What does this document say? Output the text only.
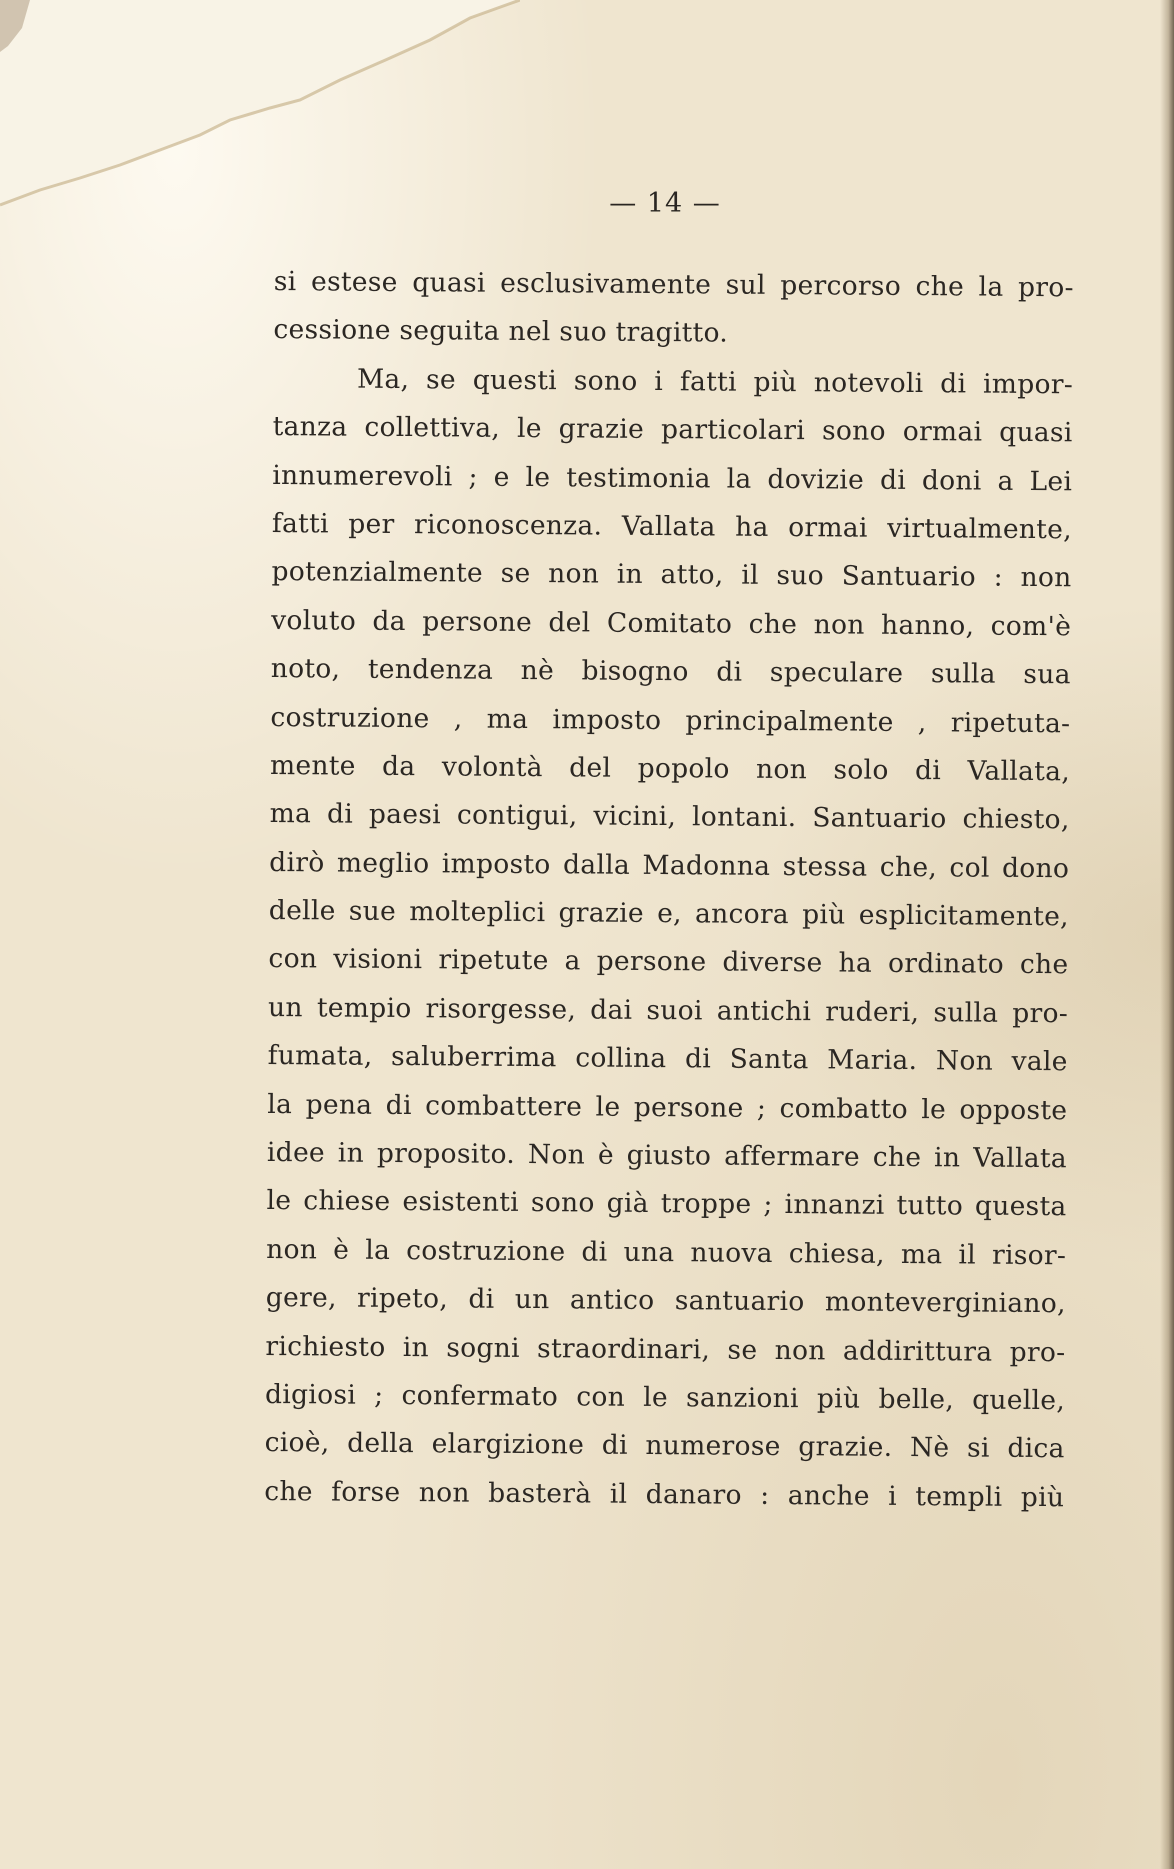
— 14 —
si estese quasi esclusivamente sul percorso che la pro-
cessione seguita nel suo tragitto.
Ma, se questi sono i fatti più notevoli di impor-
tanza collettiva, le grazie particolari sono ormai quasi
innumerevoli ; e le testimonia la dovizie di doni a Lei
fatti per riconoscenza. Vallata ha ormai virtualmente,
potenzialmente se non in atto, il suo Santuario : non
voluto da persone del Comitato che non hanno, com'è
noto, tendenza nè bisogno di speculare sulla sua
costruzione , ma imposto principalmente , ripetuta-
mente da volontà del popolo non solo di Vallata,
ma di paesi contigui, vicini, lontani. Santuario chiesto,
dirò meglio imposto dalla Madonna stessa che, col dono
delle sue molteplici grazie e, ancora più esplicitamente,
con visioni ripetute a persone diverse ha ordinato che
un tempio risorgesse, dai suoi antichi ruderi, sulla pro-
fumata, saluberrima collina di Santa Maria. Non vale
la pena di combattere le persone ; combatto le opposte
idee in proposito. Non è giusto affermare che in Vallata
le chiese esistenti sono già troppe ; innanzi tutto questa
non è la costruzione di una nuova chiesa, ma il risor-
gere, ripeto, di un antico santuario monteverginiano,
richiesto in sogni straordinari, se non addirittura pro-
digiosi ; confermato con le sanzioni più belle, quelle,
cioè, della elargizione di numerose grazie. Nè si dica
che forse non basterà il danaro : anche i templi più
